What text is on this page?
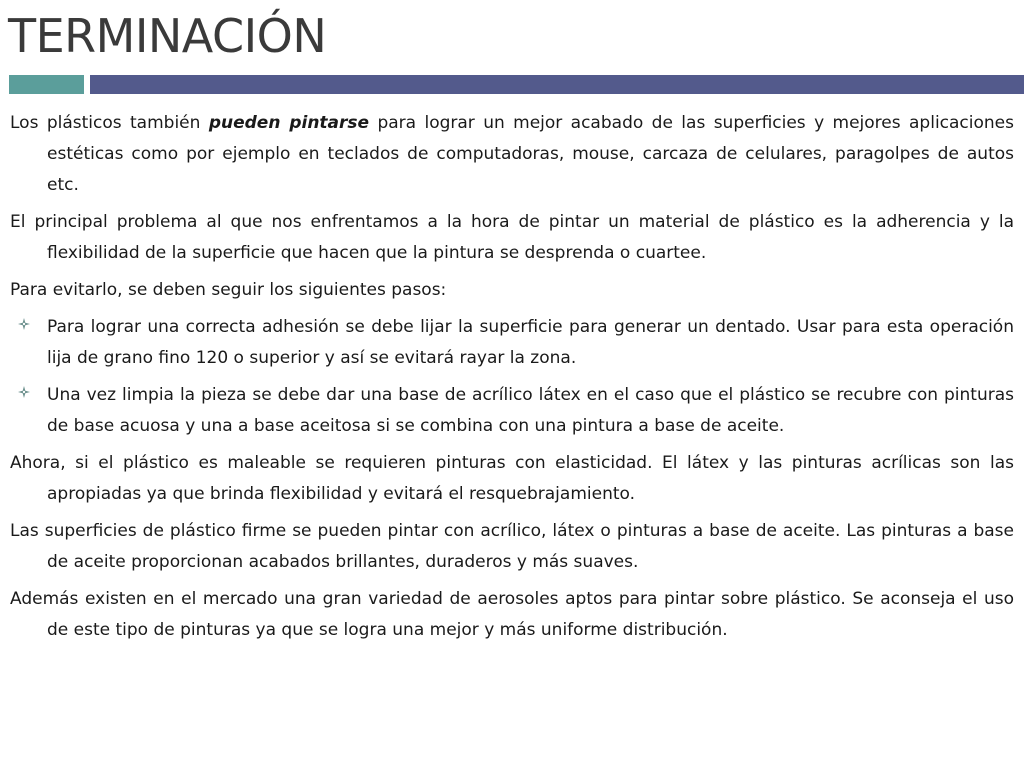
TERMINACIÓN

Los plásticos también pueden pintarse para lograr un mejor acabado de las superficies y mejores aplicaciones estéticas como por ejemplo en teclados de computadoras, mouse, carcaza de celulares, paragolpes de autos etc.

El principal problema al que nos enfrentamos a la hora de pintar un material de plástico es la adherencia y la flexibilidad de la superficie que hacen que la pintura se desprenda o cuartee.

Para evitarlo, se deben seguir los siguientes pasos:

Para lograr una correcta adhesión se debe lijar la superficie para generar un dentado. Usar para esta operación lija de grano fino 120 o superior y así se evitará rayar la zona.
Una vez limpia la pieza se debe dar una base de acrílico látex en el caso que el plástico se recubre con pinturas de base acuosa y una a base aceitosa si se combina con una pintura a base de aceite.

Ahora, si el plástico es maleable se requieren pinturas con elasticidad. El látex y las pinturas acrílicas son las apropiadas ya que brinda flexibilidad y evitará el resquebrajamiento.

Las superficies de plástico firme se pueden pintar con acrílico, látex o pinturas a base de aceite. Las pinturas a base de aceite proporcionan acabados brillantes, duraderos y más suaves.

Además existen en el mercado una gran variedad de aerosoles aptos para pintar sobre plástico. Se aconseja el uso de este tipo de pinturas ya que se logra una mejor y más uniforme distribución.
